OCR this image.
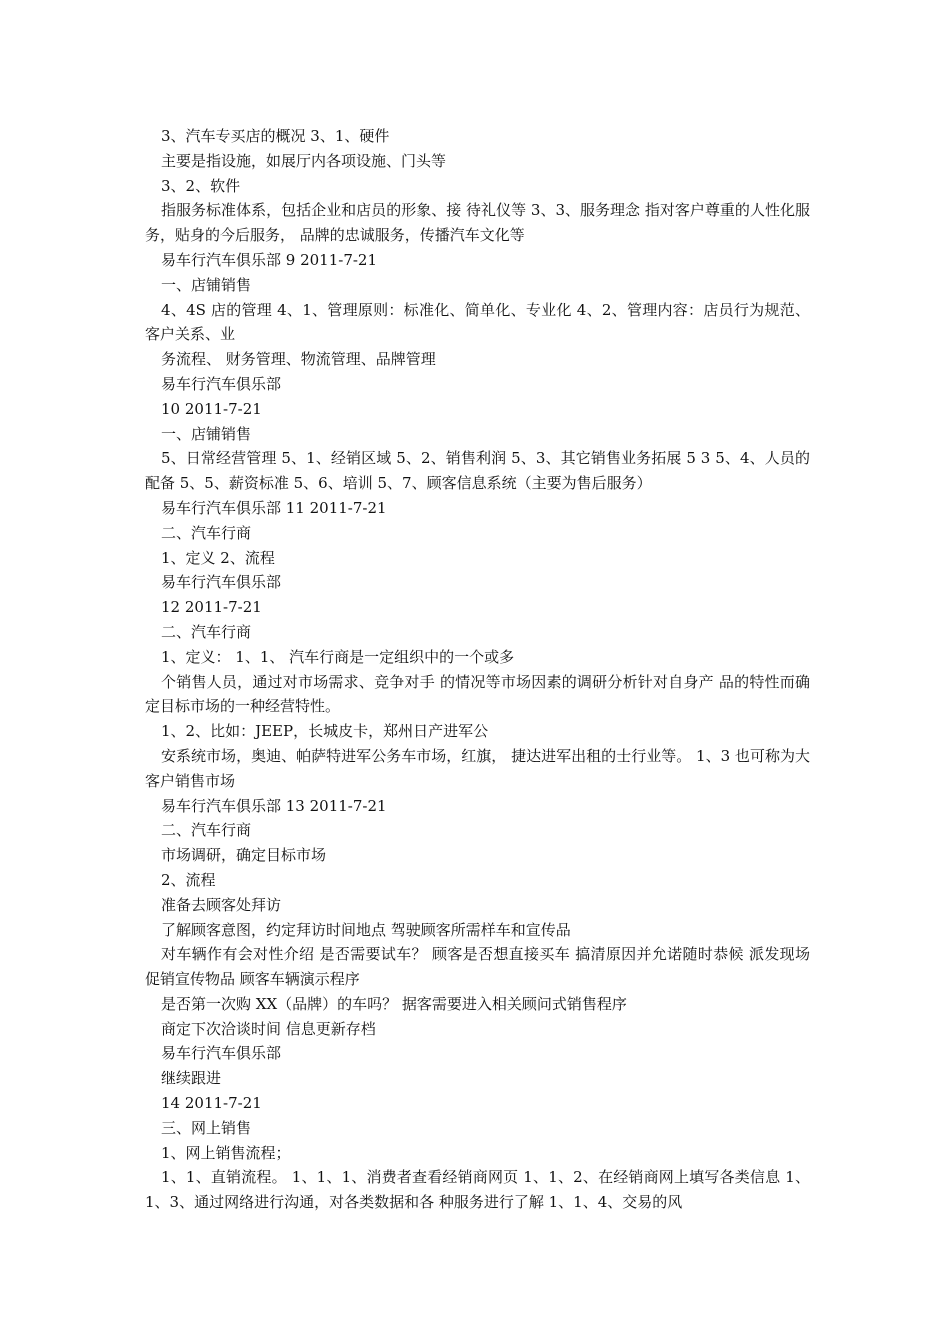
3、汽车专买店的概况 3、1、硬件

主要是指设施，如展厅内各项设施、门头等

3、2、软件

指服务标准体系，包括企业和店员的形象、接 待礼仪等 3、3、服务理念 指对客户尊重的人性化服务，贴身的今后服务， 品牌的忠诚服务，传播汽车文化等

易车行汽车俱乐部 9 2011-7-21

一、店铺销售

4、4S 店的管理 4、1、管理原则：标准化、简单化、专业化 4、2、管理内容：店员行为规范、客户关系、业

务流程、 财务管理、物流管理、品牌管理

易车行汽车俱乐部

10 2011-7-21

一、店铺销售

5、日常经营管理 5、1、经销区域 5、2、销售利润 5、3、其它销售业务拓展 5 3 5、4、人员的配备 5、5、薪资标准 5、6、培训 5、7、顾客信息系统（主要为售后服务）

易车行汽车俱乐部 11 2011-7-21

二、汽车行商

1、定义 2、流程

易车行汽车俱乐部

12 2011-7-21

二、汽车行商

1、定义： 1、1、 汽车行商是一定组织中的一个或多

个销售人员，通过对市场需求、竞争对手 的情况等市场因素的调研分析针对自身产 品的特性而确定目标市场的一种经营特性。

1、2、比如：JEEP，长城皮卡，郑州日产进军公

安系统市场，奥迪、帕萨特进军公务车市场，红旗， 捷达进军出租的士行业等。 1、3 也可称为大客户销售市场

易车行汽车俱乐部 13 2011-7-21

二、汽车行商

市场调研，确定目标市场

2、流程

准备去顾客处拜访

了解顾客意图，约定拜访时间地点 驾驶顾客所需样车和宣传品

对车辆作有会对性介绍 是否需要试车？ 顾客是否想直接买车 搞清原因并允诺随时恭候 派发现场促销宣传物品 顾客车辆演示程序

是否第一次购 XX（品牌）的车吗？ 据客需要进入相关顾问式销售程序

商定下次洽谈时间 信息更新存档

易车行汽车俱乐部

继续跟进

14 2011-7-21

三、网上销售

1、网上销售流程；

1、1、直销流程。 1、1、1、消费者查看经销商网页 1、1、2、在经销商网上填写各类信息 1、1、3、通过网络进行沟通，对各类数据和各 种服务进行了解 1、1、4、交易的风
